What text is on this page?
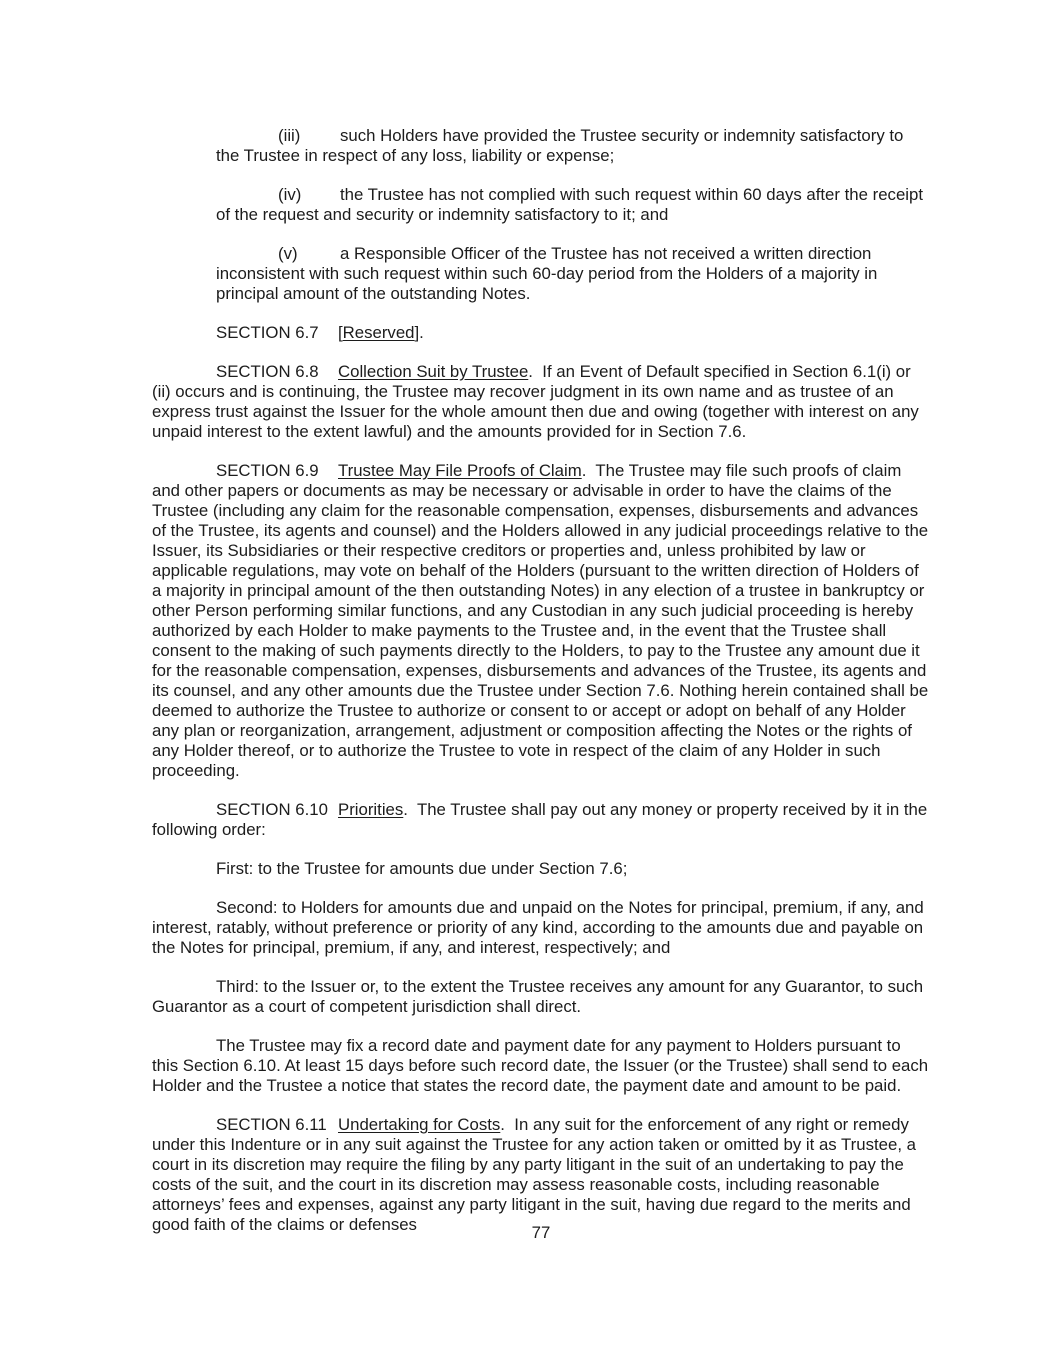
(iii) such Holders have provided the Trustee security or indemnity satisfactory to the Trustee in respect of any loss, liability or expense;

(iv) the Trustee has not complied with such request within 60 days after the receipt of the request and security or indemnity satisfactory to it; and

(v)	a Responsible Officer of the Trustee has not received a written direction inconsistent with such request within such 60-day period from the Holders of a majority in principal amount of the outstanding Notes.

SECTION 6.7 [Reserved].

SECTION 6.8 Collection Suit by Trustee.  If an Event of Default specified in Section 6.1(i) or (ii) occurs and is continuing, the Trustee may recover judgment in its own name and as trustee of an express trust against the Issuer for the whole amount then due and owing (together with interest on any unpaid interest to the extent lawful) and the amounts provided for in Section 7.6.

SECTION 6.9 Trustee May File Proofs of Claim.  The Trustee may file such proofs of claim and other papers or documents as may be necessary or advisable in order to have the claims of the Trustee (including any claim for the reasonable compensation, expenses, disbursements and advances of the Trustee, its agents and counsel) and the Holders allowed in any judicial proceedings relative to the Issuer, its Subsidiaries or their respective creditors or properties and, unless prohibited by law or applicable regulations, may vote on behalf of the Holders (pursuant to the written direction of Holders of a majority in principal amount of the then outstanding Notes) in any election of a trustee in bankruptcy or other Person performing similar functions, and any Custodian in any such judicial proceeding is hereby authorized by each Holder to make payments to the Trustee and, in the event that the Trustee shall consent to the making of such payments directly to the Holders, to pay to the Trustee any amount due it for the reasonable compensation, expenses, disbursements and advances of the Trustee, its agents and its counsel, and any other amounts due the Trustee under Section 7.6. Nothing herein contained shall be deemed to authorize the Trustee to authorize or consent to or accept or adopt on behalf of any Holder any plan or reorganization, arrangement, adjustment or composition affecting the Notes or the rights of any Holder thereof, or to authorize the Trustee to vote in respect of the claim of any Holder in such proceeding.

SECTION 6.10 Priorities.  The Trustee shall pay out any money or property received by it in the following order:

First: to the Trustee for amounts due under Section 7.6;

Second: to Holders for amounts due and unpaid on the Notes for principal, premium, if any, and interest, ratably, without preference or priority of any kind, according to the amounts due and payable on the Notes for principal, premium, if any, and interest, respectively; and

Third: to the Issuer or, to the extent the Trustee receives any amount for any Guarantor, to such Guarantor as a court of competent jurisdiction shall direct.

The Trustee may fix a record date and payment date for any payment to Holders pursuant to this Section 6.10. At least 15 days before such record date, the Issuer (or the Trustee) shall send to each Holder and the Trustee a notice that states the record date, the payment date and amount to be paid.

SECTION 6.11 Undertaking for Costs.  In any suit for the enforcement of any right or remedy under this Indenture or in any suit against the Trustee for any action taken or omitted by it as Trustee, a court in its discretion may require the filing by any party litigant in the suit of an undertaking to pay the costs of the suit, and the court in its discretion may assess reasonable costs, including reasonable attorneys’ fees and expenses, against any party litigant in the suit, having due regard to the merits and good faith of the claims or defenses	77
